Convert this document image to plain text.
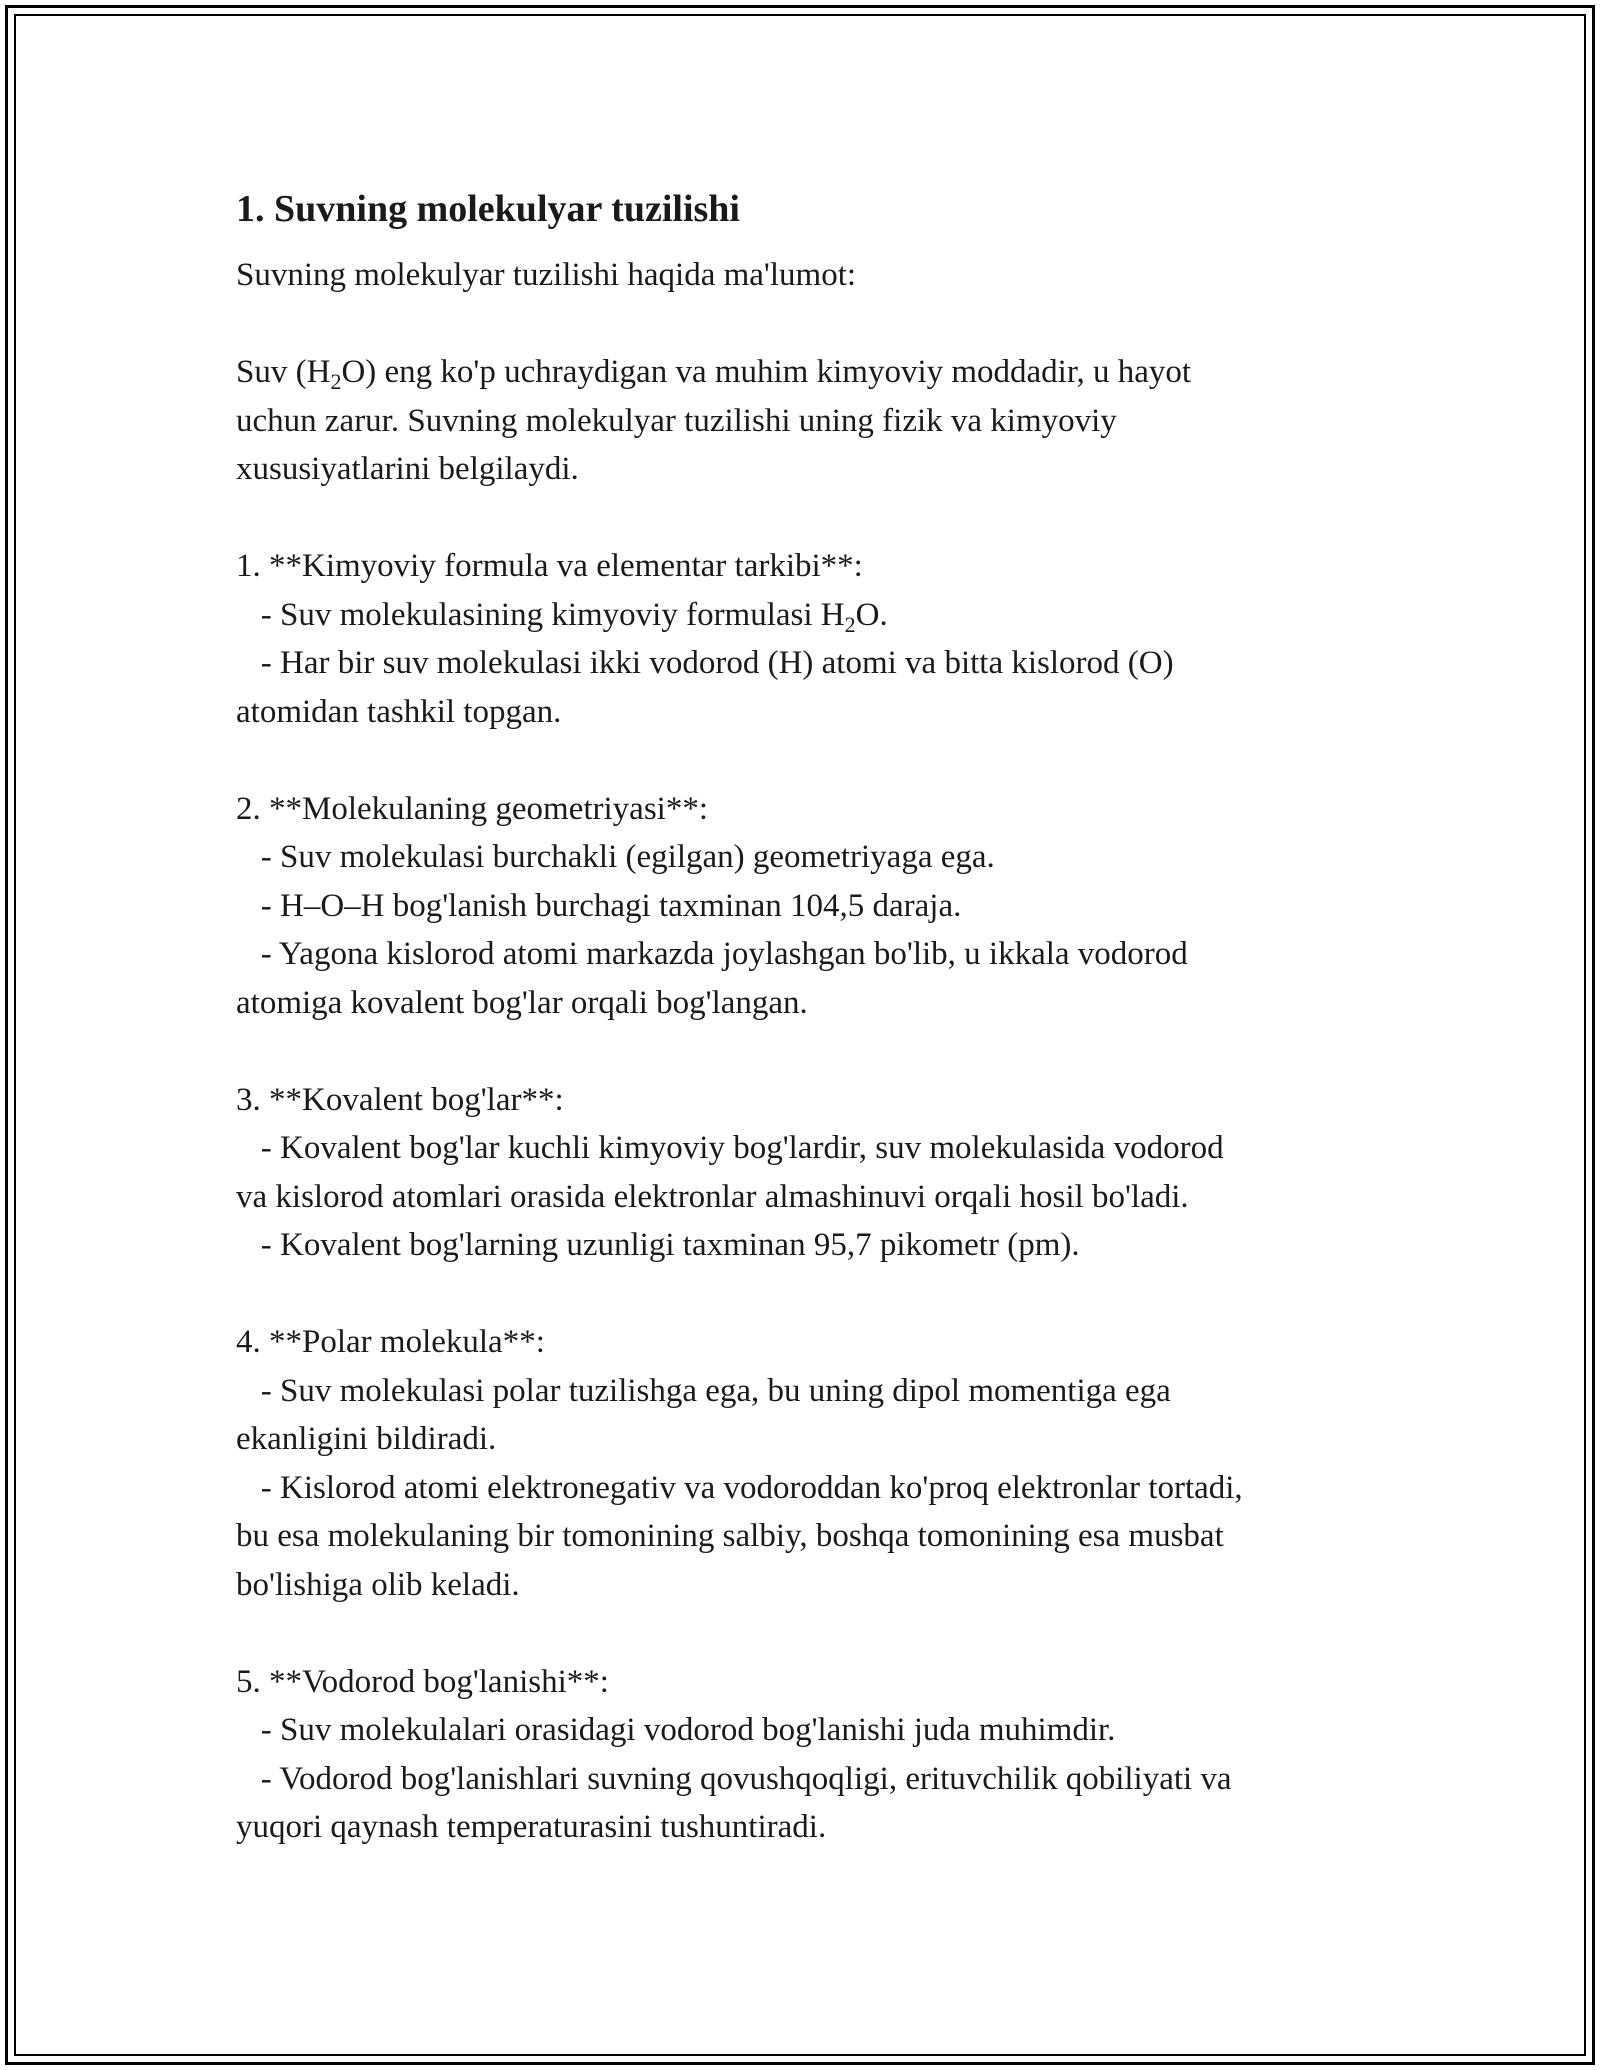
1. Suvning molekulyar tuzilishi

Suvning molekulyar tuzilishi haqida ma'lumot:

Suv $(H_2O)$ eng ko'p uchraydigan va muhim kimyoviy moddadir, u hayot

uchun zarur. Suvning molekulyar tuzilishi uning fizik va kimyoviy

xususiyatlarini belgilaydi.

1. **Kimyoviy formula va elementar tarkibi**:

- Suv molekulasining kimyoviy formulasi $H_2O$.

- Har bir suv molekulasi ikki vodorod (H) atomi va bitta kislorod (O)

atomidan tashkil topgan.

2. **Molekulaning geometriyasi**:

- Suv molekulasi burchakli (egilgan) geometriyaga ega.

- H–O–H bog'lanish burchagi taxminan 104,5 daraja.

- Yagona kislorod atomi markazda joylashgan bo'lib, u ikkala vodorod

atomiga kovalent bog'lar orqali bog'langan.

3. **Kovalent bog'lar**:

- Kovalent bog'lar kuchli kimyoviy bog'lardir, suv molekulasida vodorod

va kislorod atomlari orasida elektronlar almashinuvi orqali hosil bo'ladi.

- Kovalent bog'larning uzunligi taxminan 95,7 pikometr (pm).

4. **Polar molekula**:

- Suv molekulasi polar tuzilishga ega, bu uning dipol momentiga ega

ekanligini bildiradi.

- Kislorod atomi elektronegativ va vodoroddan ko'proq elektronlar tortadi,

bu esa molekulaning bir tomonining salbiy, boshqa tomonining esa musbat

bo'lishiga olib keladi.

5. **Vodorod bog'lanishi**:

- Suv molekulalari orasidagi vodorod bog'lanishi juda muhimdir.

- Vodorod bog'lanishlari suvning qovushqoqligi, erituvchilik qobiliyati va

yuqori qaynash temperaturasini tushuntiradi.
